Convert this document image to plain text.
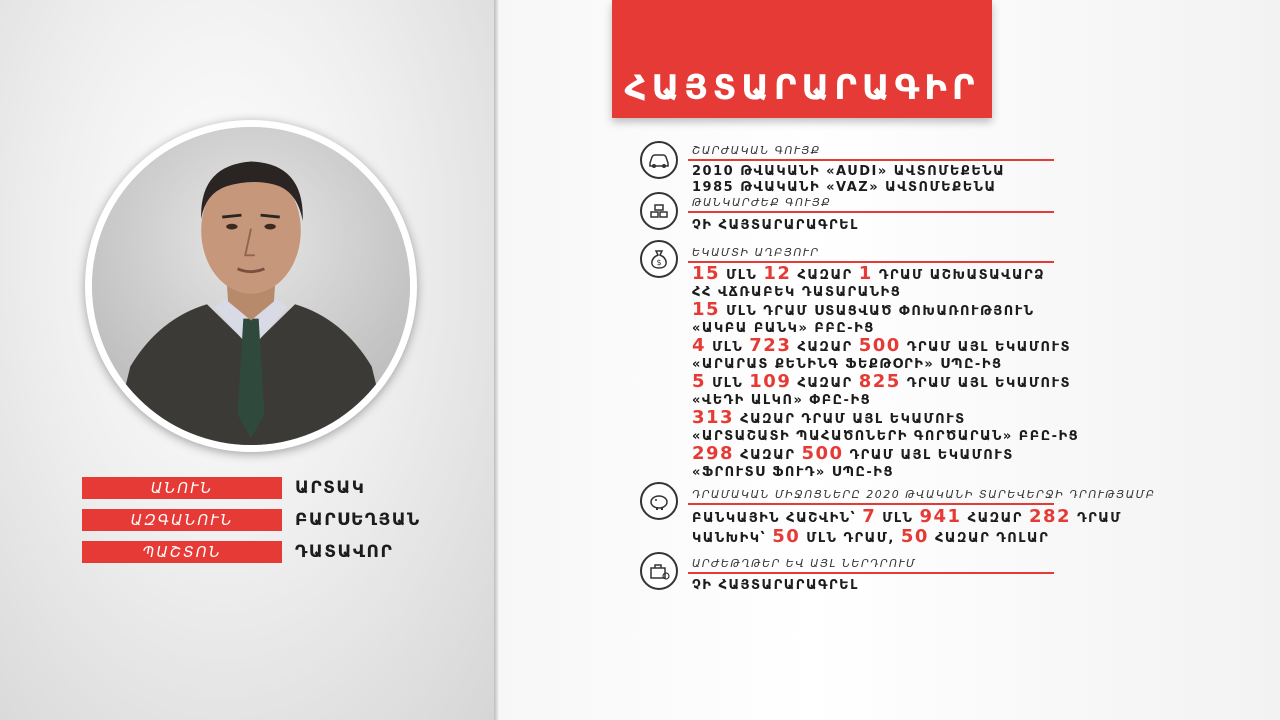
ԱՆՈՒՆ	ԱՐՏԱԿ
ԱԶԳԱՆՈՒՆ	ԲԱՐՍԵՂՅԱՆ
ՊԱՇՏՈՆ	ԴԱՏԱՎՈՐ
ՀԱՅՏԱՐԱՐԱԳԻՐ
ՇԱՐԺԱԿԱՆ ԳՈՒՅՔ
2010 ԹՎԱԿԱՆԻ «AUDI» ԱՎՏՈՄԵՔԵՆԱ
1985 ԹՎԱԿԱՆԻ «VAZ» ԱՎՏՈՄԵՔԵՆԱ
ԹԱՆԿԱՐԺԵՔ ԳՈՒՅՔ
ՉԻ ՀԱՅՏԱՐԱՐԱԳՐԵԼ
$
ԵԿԱՄՏԻ ԱՂԲՅՈՒՐ
15 ՄԼՆ 12 ՀԱԶԱՐ 1 ԴՐԱՄ ԱՇԽԱՏԱՎԱՐՁ
ՀՀ ՎՃՌԱԲԵԿ ԴԱՏԱՐԱՆԻՑ
15 ՄԼՆ ԴՐԱՄ ՍՏԱՑՎԱԾ ՓՈԽԱՌՈՒԹՅՈՒՆ
«ԱԿԲԱ ԲԱՆԿ» ԲԲԸ-ԻՑ
4 ՄԼՆ 723 ՀԱԶԱՐ 500 ԴՐԱՄ ԱՅԼ ԵԿԱՄՈՒՏ
«ԱՐԱՐԱՏ ՔԵՆԻՆԳ ՖԵՔԹՕՐԻ» ՍՊԸ-ԻՑ
5 ՄԼՆ 109 ՀԱԶԱՐ 825 ԴՐԱՄ ԱՅԼ ԵԿԱՄՈՒՏ
«ՎԵԴԻ ԱԼԿՈ» ՓԲԸ-ԻՑ
313 ՀԱԶԱՐ ԴՐԱՄ ԱՅԼ ԵԿԱՄՈՒՏ
«ԱՐՏԱՇԱՏԻ ՊԱՀԱԾՈՆԵՐԻ ԳՈՐԾԱՐԱՆ» ԲԲԸ-ԻՑ
298 ՀԱԶԱՐ 500 ԴՐԱՄ ԱՅԼ ԵԿԱՄՈՒՏ
«ՖՐՈՒՏՍ ՖՈՒԴ» ՍՊԸ-ԻՑ
ԴՐԱՄԱԿԱՆ ՄԻՋՈՑՆԵՐԸ 2020 ԹՎԱԿԱՆԻ ՏԱՐԵՎԵՐՋԻ ԴՐՈՒԹՅԱՄԲ
ԲԱՆԿԱՅԻՆ ՀԱՇՎԻՆ՝ 7 ՄԼՆ 941 ՀԱԶԱՐ 282 ԴՐԱՄ
ԿԱՆԽԻԿ՝ 50 ՄԼՆ ԴՐԱՄ, 50 ՀԱԶԱՐ ԴՈԼԱՐ
ԱՐԺԵԹՂԹԵՐ ԵՎ ԱՅԼ ՆԵՐԴՐՈՒՄ
ՉԻ ՀԱՅՏԱՐԱՐԱԳՐԵԼ
